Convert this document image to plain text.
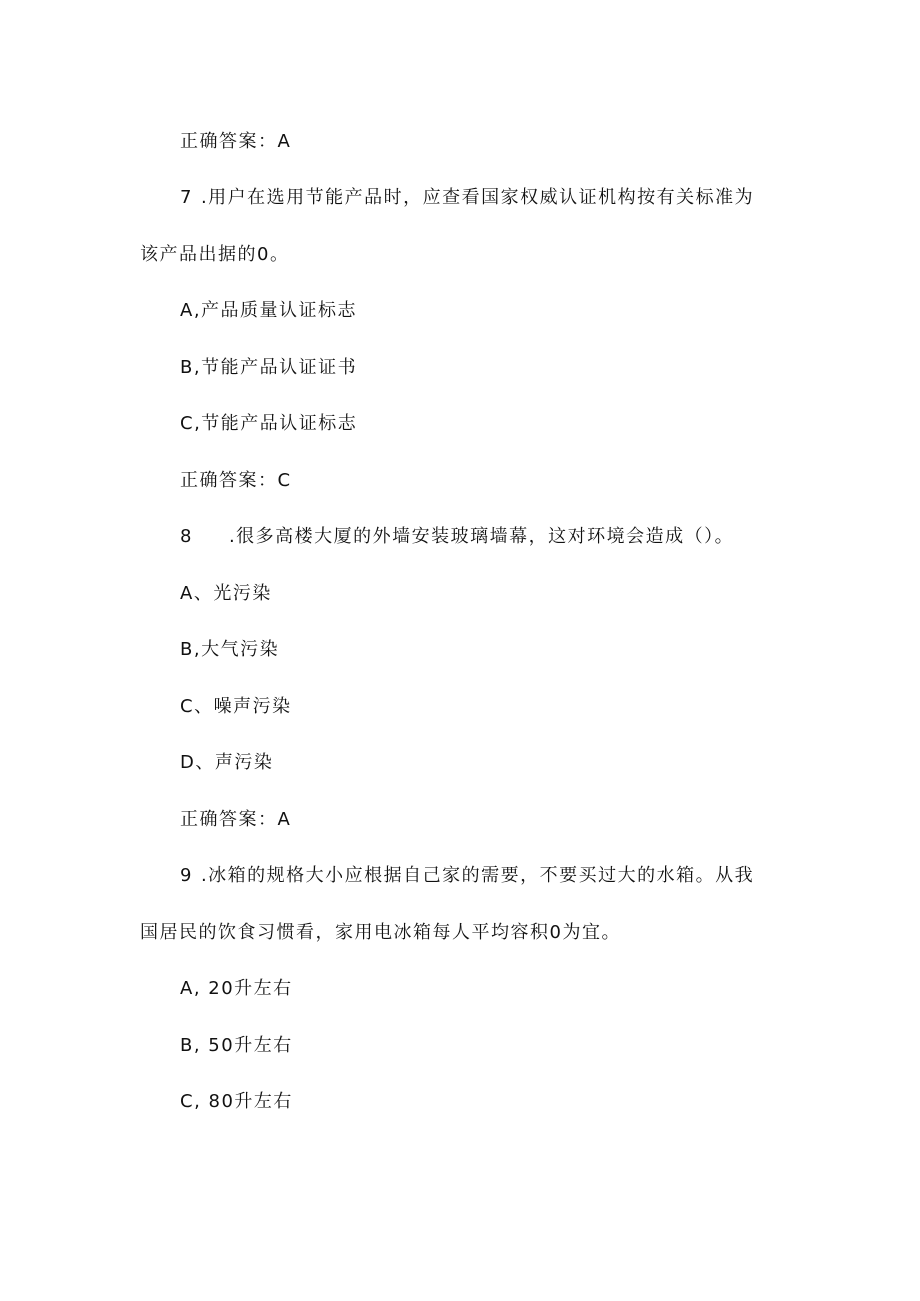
正确答案：A
7 .用户在选用节能产品时，应查看国家权威认证机构按有关标准为
该产品出据的0。
A,产品质量认证标志
B,节能产品认证证书
C,节能产品认证标志
正确答案：C
8 .很多高楼大厦的外墙安装玻璃墙幕，这对环境会造成（）。
A、光污染
B,大气污染
C、噪声污染
D、声污染
正确答案：A
9 .冰箱的规格大小应根据自己家的需要，不要买过大的水箱。从我
国居民的饮食习惯看，家用电冰箱每人平均容积0为宜。
A, 20升左右
B, 50升左右
C, 80升左右
